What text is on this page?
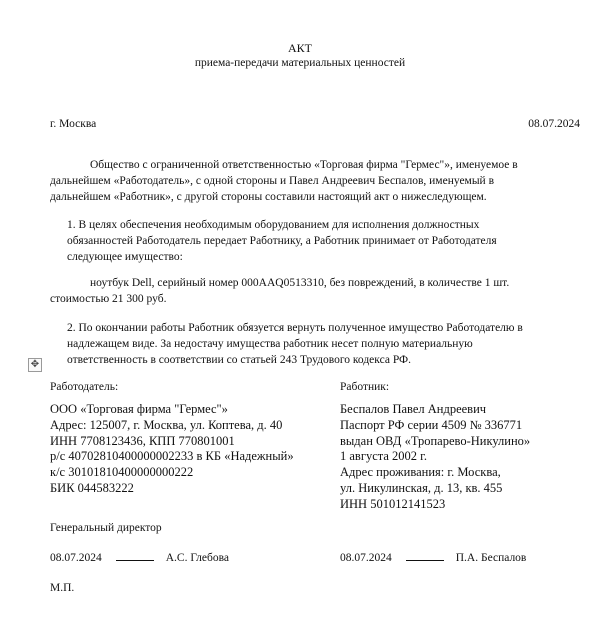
АКТ
приема-передачи материальных ценностей
г. Москва	08.07.2024
Общество с ограниченной ответственностью «Торговая фирма "Гермес"», именуемое в
дальнейшем «Работодатель», с одной стороны и Павел Андреевич Беспалов, именуемый в
дальнейшем «Работник», с другой стороны составили настоящий акт о нижеследующем.
1. В целях обеспечения необходимым оборудованием для исполнения должностных
обязанностей Работодатель передает Работнику, а Работник принимает от Работодателя
следующее имущество:
ноутбук Dell, серийный номер 000AAQ0513310, без повреждений, в количестве 1 шт.
стоимостью 21 300 руб.
2. По окончании работы Работник обязуется вернуть полученное имущество Работодателю в
надлежащем виде. За недостачу имущества работник несет полную материальную
ответственность в соответствии со статьей 243 Трудового кодекса РФ.
✥
Работодатель:
ООО «Торговая фирма "Гермес"»
Адрес: 125007, г. Москва, ул. Коптева, д. 40
ИНН 7708123436, КПП 770801001
р/с 40702810400000002233 в КБ «Надежный»
к/с 30101810400000000222
БИК 044583222
Работник:
Беспалов Павел Андреевич
Паспорт РФ серии 4509 № 336771
выдан ОВД «Тропарево-Никулино»
1 августа 2002 г.
Адрес проживания: г. Москва,
ул. Никулинская, д. 13, кв. 455
ИНН 501012141523
Генеральный директор
08.07.2024	А.С. Глебова	08.07.2024	П.А. Беспалов
М.П.
